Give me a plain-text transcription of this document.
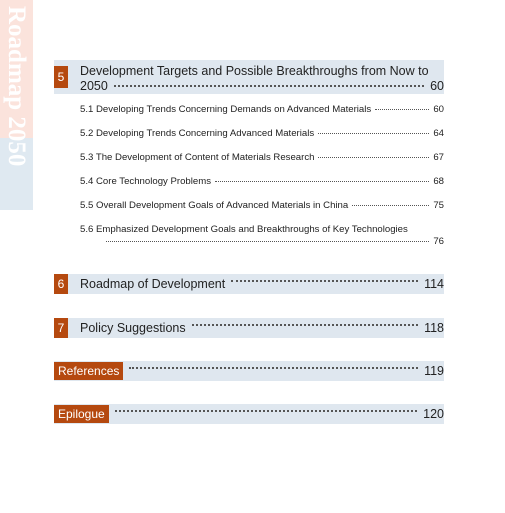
Roadmap 2050	5 Development Targets and Possible Breakthroughs from Now to
2050	60
5.1 Developing Trends Concerning Demands on Advanced Materials	60
5.2 Developing Trends Concerning Advanced Materials	64
5.3 The Development of Content of Materials Research	67
5.4 Core Technology Problems	68
5.5 Overall Development Goals of Advanced Materials in China	75
5.6 Emphasized Development Goals and Breakthroughs of Key Technologies
76
6 Roadmap of Development	114
7 Policy Suggestions	118
References	119
Epilogue	120
